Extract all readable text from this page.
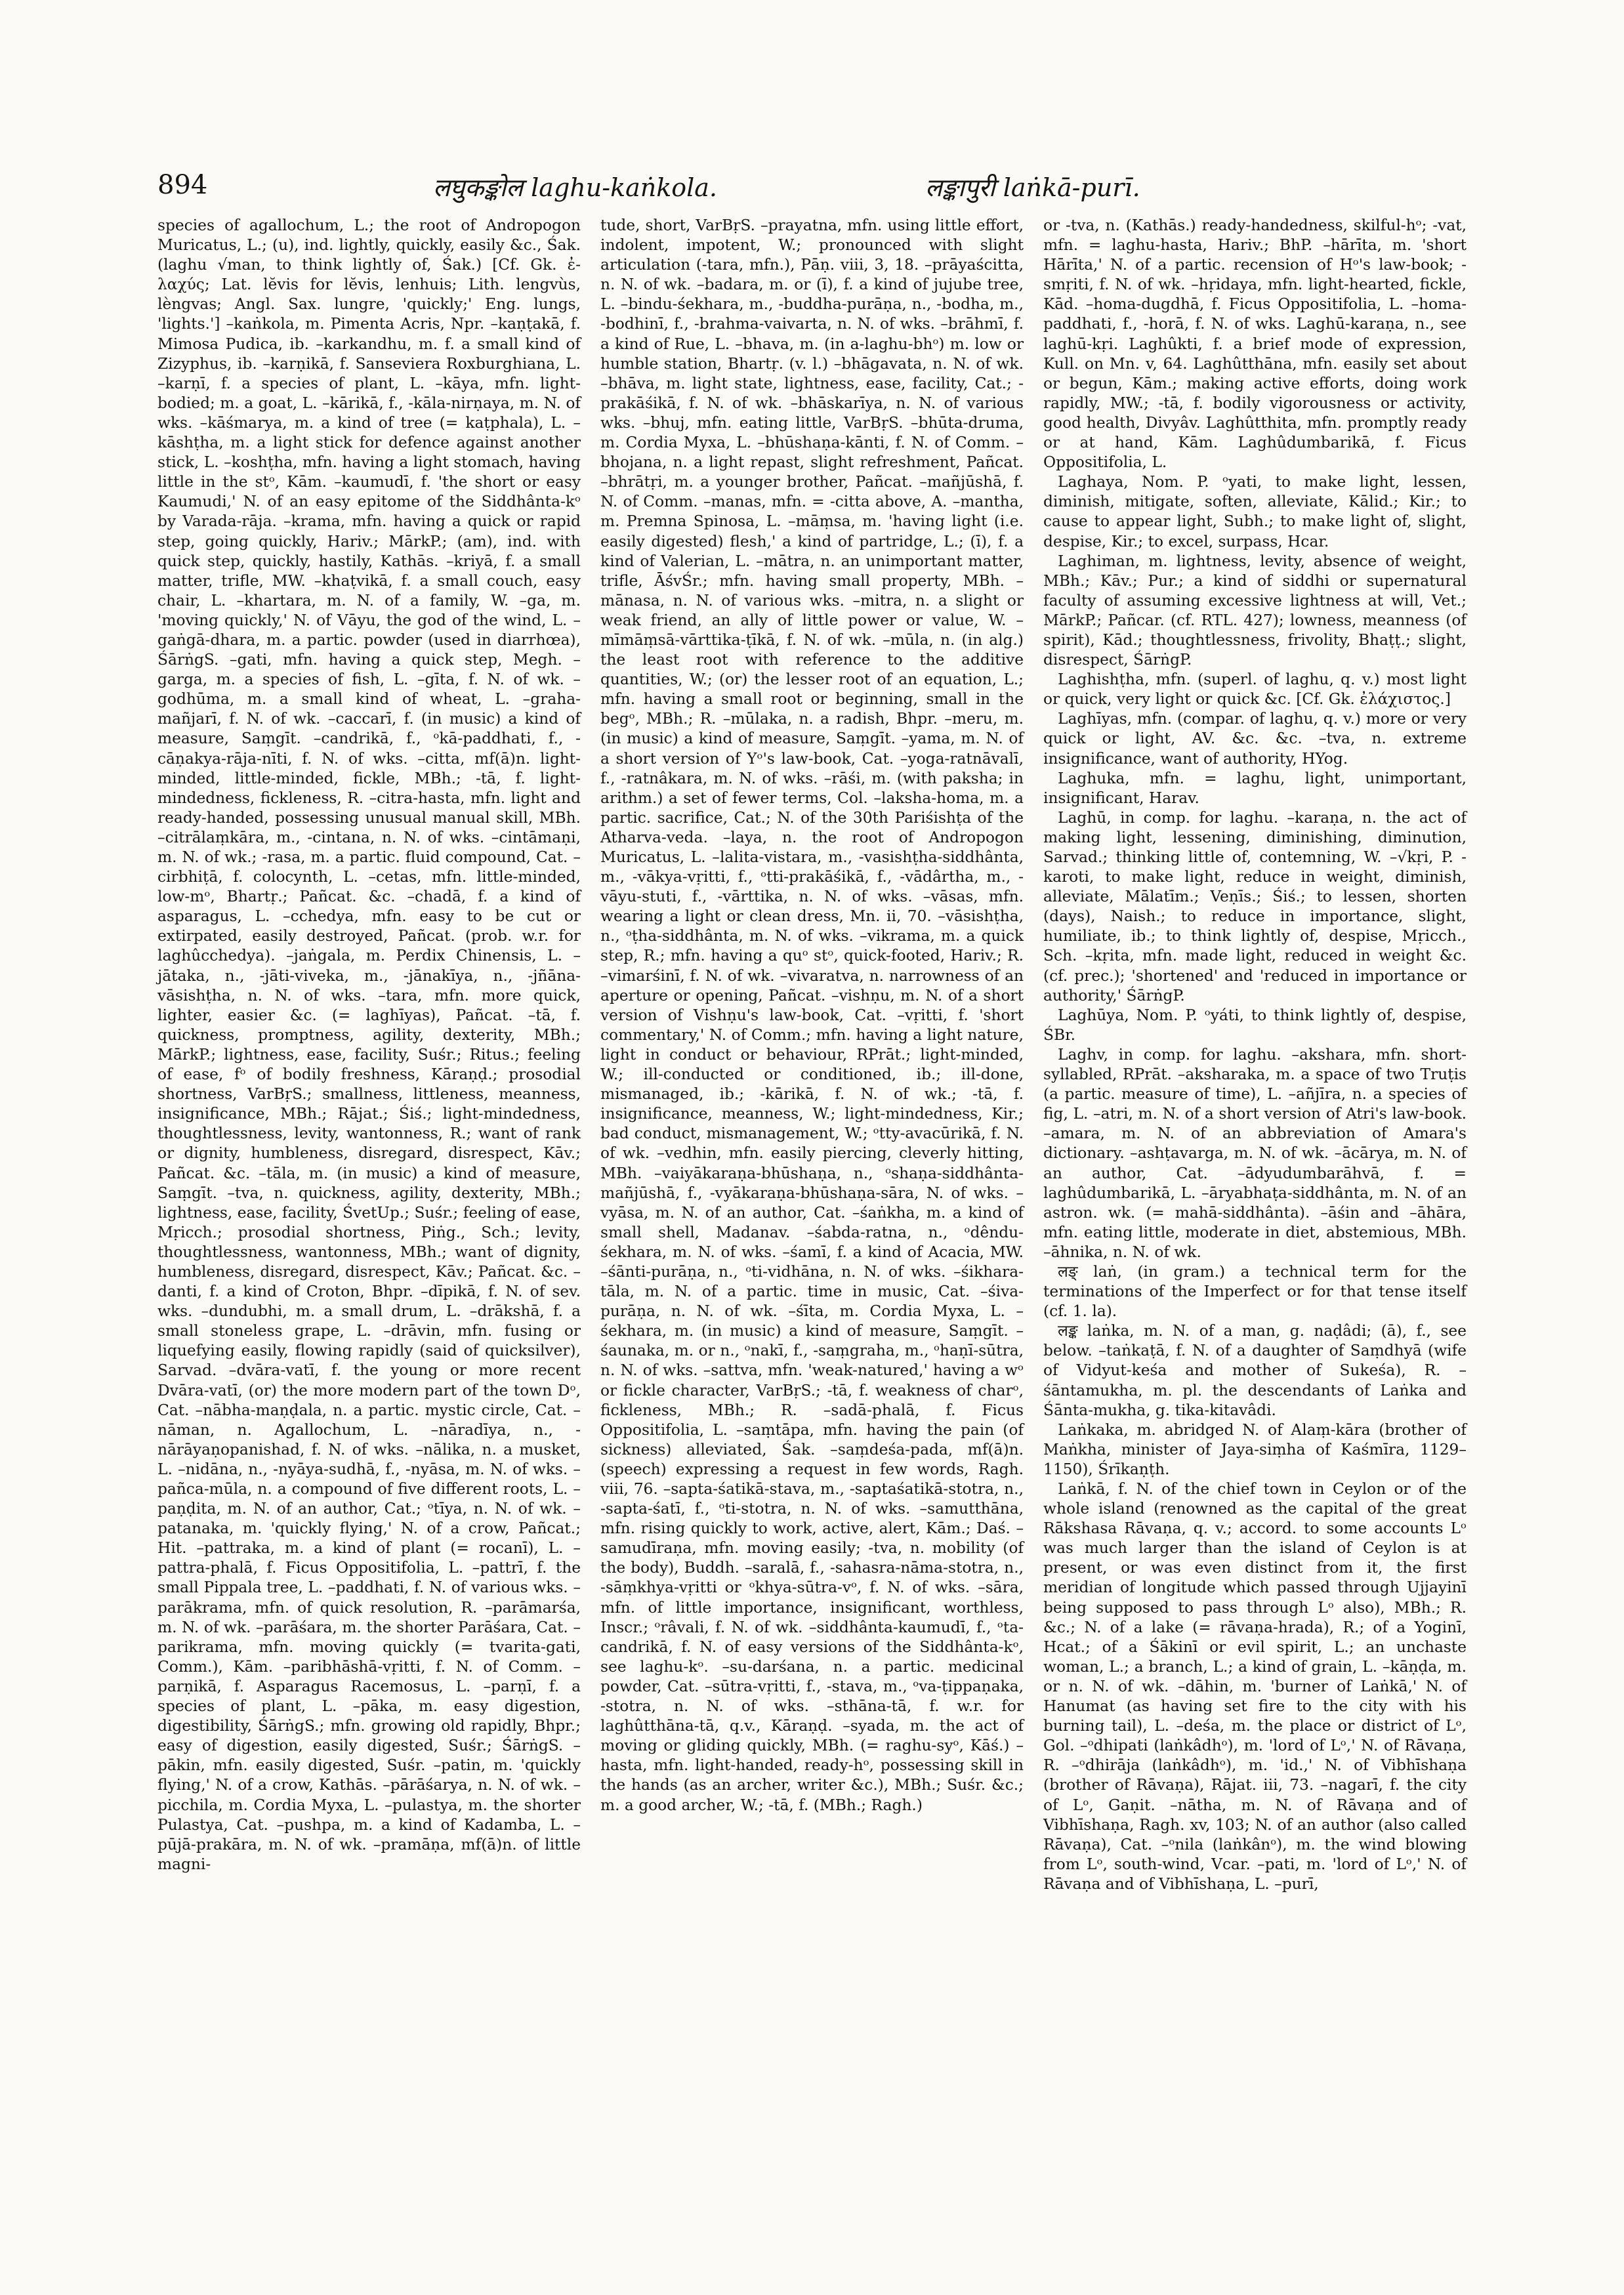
894	लघुकङ्कोल laghu-kaṅkola.	लङ्कापुरी laṅkā-purī.

species of agallochum, L.; the root of Andropogon Muricatus, L.; (u), ind. lightly, quickly, easily &c., Śak. (laghu √man, to think lightly of, Śak.) [Cf. Gk. ἐ-λαχύς; Lat. lĕvis for lĕvis, lenhuis; Lith. lengvùs, lèngvas; Angl. Sax. lungre, 'quickly;' Eng. lungs, 'lights.'] –kaṅkola, m. Pimenta Acris, Npr. –kaṇṭakā, f. Mimosa Pudica, ib. –karkandhu, m. f. a small kind of Zizyphus, ib. –karṇikā, f. Sanseviera Roxburghiana, L. –karṇī, f. a species of plant, L. –kāya, mfn. light-bodied; m. a goat, L. –kārikā, f., -kāla-nirṇaya, m. N. of wks. –kāśmarya, m. a kind of tree (= kaṭphala), L. –kāshṭha, m. a light stick for defence against another stick, L. –koshṭha, mfn. having a light stomach, having little in the stᵒ, Kām. –kaumudī, f. 'the short or easy Kaumudi,' N. of an easy epitome of the Siddhânta-kᵒ by Varada-rāja. –krama, mfn. having a quick or rapid step, going quickly, Hariv.; MārkP.; (am), ind. with quick step, quickly, hastily, Kathās. –kriyā, f. a small matter, trifle, MW. –khaṭvikā, f. a small couch, easy chair, L. –khartara, m. N. of a family, W. –ga, m. 'moving quickly,' N. of Vāyu, the god of the wind, L. –gaṅgā-dhara, m. a partic. powder (used in diarrhœa), ŚārṅgS. –gati, mfn. having a quick step, Megh. –garga, m. a species of fish, L. –gīta, f. N. of wk. –godhūma, m. a small kind of wheat, L. –graha-mañjarī, f. N. of wk. –caccarī, f. (in music) a kind of measure, Saṃgīt. –candrikā, f., ᵒkā-paddhati, f., -cāṇakya-rāja-nīti, f. N. of wks. –citta, mf(ā)n. light-minded, little-minded, fickle, MBh.; -tā, f. light-mindedness, fickleness, R. –citra-hasta, mfn. light and ready-handed, possessing unusual manual skill, MBh. –citrālaṃkāra, m., -cintana, n. N. of wks. –cintāmaṇi, m. N. of wk.; -rasa, m. a partic. fluid compound, Cat. –cirbhiṭā, f. colocynth, L. –cetas, mfn. little-minded, low-mᵒ, Bhartṛ.; Pañcat. &c. –chadā, f. a kind of asparagus, L. –cchedya, mfn. easy to be cut or extirpated, easily destroyed, Pañcat. (prob. w.r. for laghûcchedya). –jaṅgala, m. Perdix Chinensis, L. –jātaka, n., -jāti-viveka, m., -jānakīya, n., -jñāna-vāsishṭha, n. N. of wks. –tara, mfn. more quick, lighter, easier &c. (= laghīyas), Pañcat. –tā, f. quickness, promptness, agility, dexterity, MBh.; MārkP.; lightness, ease, facility, Suśr.; Ritus.; feeling of ease, fᵒ of bodily freshness, Kāraṇḍ.; prosodial shortness, VarBṛS.; smallness, littleness, meanness, insignificance, MBh.; Rājat.; Śiś.; light-mindedness, thoughtlessness, levity, wantonness, R.; want of rank or dignity, humbleness, disregard, disrespect, Kāv.; Pañcat. &c. –tāla, m. (in music) a kind of measure, Saṃgīt. –tva, n. quickness, agility, dexterity, MBh.; lightness, ease, facility, ŚvetUp.; Suśr.; feeling of ease, Mṛicch.; prosodial shortness, Piṅg., Sch.; levity, thoughtlessness, wantonness, MBh.; want of dignity, humbleness, disregard, disrespect, Kāv.; Pañcat. &c. –danti, f. a kind of Croton, Bhpr. –dīpikā, f. N. of sev. wks. –dundubhi, m. a small drum, L. –drākshā, f. a small stoneless grape, L. –drāvin, mfn. fusing or liquefying easily, flowing rapidly (said of quicksilver), Sarvad. –dvāra-vatī, f. the young or more recent Dvāra-vatī, (or) the more modern part of the town Dᵒ, Cat. –nābha-maṇḍala, n. a partic. mystic circle, Cat. –nāman, n. Agallochum, L. –nāradīya, n., -nārāyaṇopanishad, f. N. of wks. –nālika, n. a musket, L. –nidāna, n., -nyāya-sudhā, f., -nyāsa, m. N. of wks. –pañca-mūla, n. a compound of five different roots, L. –paṇḍita, m. N. of an author, Cat.; ᵒtīya, n. N. of wk. –patanaka, m. 'quickly flying,' N. of a crow, Pañcat.; Hit. –pattraka, m. a kind of plant (= rocanī), L. –pattra-phalā, f. Ficus Oppositifolia, L. –pattrī, f. the small Pippala tree, L. –paddhati, f. N. of various wks. –parākrama, mfn. of quick resolution, R. –parāmarśa, m. N. of wk. –parāśara, m. the shorter Parāśara, Cat. –parikrama, mfn. moving quickly (= tvarita-gati, Comm.), Kām. –paribhāshā-vṛitti, f. N. of Comm. –parṇikā, f. Asparagus Racemosus, L. –parṇī, f. a species of plant, L. –pāka, m. easy digestion, digestibility, ŚārṅgS.; mfn. growing old rapidly, Bhpr.; easy of digestion, easily digested, Suśr.; ŚārṅgS. –pākin, mfn. easily digested, Suśr. –patin, m. 'quickly flying,' N. of a crow, Kathās. –pārāśarya, n. N. of wk. –picchila, m. Cordia Myxa, L. –pulastya, m. the shorter Pulastya, Cat. –pushpa, m. a kind of Kadamba, L. –pūjā-prakāra, m. N. of wk. –pramāṇa, mf(ā)n. of little magni-

tude, short, VarBṛS. –prayatna, mfn. using little effort, indolent, impotent, W.; pronounced with slight articulation (-tara, mfn.), Pāṇ. viii, 3, 18. –prāyaścitta, n. N. of wk. –badara, m. or (ī), f. a kind of jujube tree, L. –bindu-śekhara, m., -buddha-purāṇa, n., -bodha, m., -bodhinī, f., -brahma-vaivarta, n. N. of wks. –brāhmī, f. a kind of Rue, L. –bhava, m. (in a-laghu-bhᵒ) m. low or humble station, Bhartṛ. (v. l.) –bhāgavata, n. N. of wk. –bhāva, m. light state, lightness, ease, facility, Cat.; -prakāśikā, f. N. of wk. –bhāskarīya, n. N. of various wks. –bhuj, mfn. eating little, VarBṛS. –bhūta-druma, m. Cordia Myxa, L. –bhūshaṇa-kānti, f. N. of Comm. –bhojana, n. a light repast, slight refreshment, Pañcat. –bhrātṛi, m. a younger brother, Pañcat. –mañjūshā, f. N. of Comm. –manas, mfn. = -citta above, A. –mantha, m. Premna Spinosa, L. –māṃsa, m. 'having light (i.e. easily digested) flesh,' a kind of partridge, L.; (ī), f. a kind of Valerian, L. –mātra, n. an unimportant matter, trifle, ĀśvŚr.; mfn. having small property, MBh. –mānasa, n. N. of various wks. –mitra, n. a slight or weak friend, an ally of little power or value, W. –mīmāṃsā-vārttika-ṭīkā, f. N. of wk. –mūla, n. (in alg.) the least root with reference to the additive quantities, W.; (or) the lesser root of an equation, L.; mfn. having a small root or beginning, small in the begᵒ, MBh.; R. –mūlaka, n. a radish, Bhpr. –meru, m. (in music) a kind of measure, Saṃgīt. –yama, m. N. of a short version of Yᵒ's law-book, Cat. –yoga-ratnāvalī, f., -ratnâkara, m. N. of wks. –rāśi, m. (with paksha; in arithm.) a set of fewer terms, Col. –laksha-homa, m. a partic. sacrifice, Cat.; N. of the 30th Pariśishṭa of the Atharva-veda. –laya, n. the root of Andropogon Muricatus, L. –lalita-vistara, m., -vasishṭha-siddhânta, m., -vākya-vṛitti, f., ᵒtti-prakāśikā, f., -vādârtha, m., -vāyu-stuti, f., -vārttika, n. N. of wks. –vāsas, mfn. wearing a light or clean dress, Mn. ii, 70. –vāsishṭha, n., ᵒṭha-siddhânta, m. N. of wks. –vikrama, m. a quick step, R.; mfn. having a quᵒ stᵒ, quick-footed, Hariv.; R. –vimarśinī, f. N. of wk. –vivaratva, n. narrowness of an aperture or opening, Pañcat. –vishṇu, m. N. of a short version of Vishṇu's law-book, Cat. –vṛitti, f. 'short commentary,' N. of Comm.; mfn. having a light nature, light in conduct or behaviour, RPrāt.; light-minded, W.; ill-conducted or conditioned, ib.; ill-done, mismanaged, ib.; -kārikā, f. N. of wk.; -tā, f. insignificance, meanness, W.; light-mindedness, Kir.; bad conduct, mismanagement, W.; ᵒtty-avacūrikā, f. N. of wk. –vedhin, mfn. easily piercing, cleverly hitting, MBh. –vaiyākaraṇa-bhūshaṇa, n., ᵒshaṇa-siddhânta-mañjūshā, f., -vyākaraṇa-bhūshaṇa-sāra, N. of wks. –vyāsa, m. N. of an author, Cat. –śaṅkha, m. a kind of small shell, Madanav. –śabda-ratna, n., ᵒdêndu-śekhara, m. N. of wks. –śamī, f. a kind of Acacia, MW. –śānti-purāṇa, n., ᵒti-vidhāna, n. N. of wks. –śikhara-tāla, m. N. of a partic. time in music, Cat. –śiva-purāṇa, n. N. of wk. –śīta, m. Cordia Myxa, L. –śekhara, m. (in music) a kind of measure, Saṃgīt. –śaunaka, m. or n., ᵒnakī, f., -saṃgraha, m., ᵒhaṇī-sūtra, n. N. of wks. –sattva, mfn. 'weak-natured,' having a wᵒ or fickle character, VarBṛS.; -tā, f. weakness of charᵒ, fickleness, MBh.; R. –sadā-phalā, f. Ficus Oppositifolia, L. –saṃtāpa, mfn. having the pain (of sickness) alleviated, Śak. –saṃdeśa-pada, mf(ā)n. (speech) expressing a request in few words, Ragh. viii, 76. –sapta-śatikā-stava, m., -saptaśatikā-stotra, n., -sapta-śatī, f., ᵒti-stotra, n. N. of wks. –samutthāna, mfn. rising quickly to work, active, alert, Kām.; Daś. –samudīraṇa, mfn. moving easily; -tva, n. mobility (of the body), Buddh. –saralā, f., -sahasra-nāma-stotra, n., -sāṃkhya-vṛitti or ᵒkhya-sūtra-vᵒ, f. N. of wks. –sāra, mfn. of little importance, insignificant, worthless, Inscr.; ᵒrâvali, f. N. of wk. –siddhânta-kaumudī, f., ᵒta-candrikā, f. N. of easy versions of the Siddhânta-kᵒ, see laghu-kᵒ. –su-darśana, n. a partic. medicinal powder, Cat. –sūtra-vṛitti, f., -stava, m., ᵒva-ṭippaṇaka, -stotra, n. N. of wks. –sthāna-tā, f. w.r. for laghûtthāna-tā, q.v., Kāraṇḍ. –syada, m. the act of moving or gliding quickly, MBh. (= raghu-syᵒ, Kāś.) –hasta, mfn. light-handed, ready-hᵒ, possessing skill in the hands (as an archer, writer &c.), MBh.; Suśr. &c.; m. a good archer, W.; -tā, f. (MBh.; Ragh.)

or -tva, n. (Kathās.) ready-handedness, skilful-hᵒ; -vat, mfn. = laghu-hasta, Hariv.; BhP. –hārīta, m. 'short Hārīta,' N. of a partic. recension of Hᵒ's law-book; -smṛiti, f. N. of wk. –hṛidaya, mfn. light-hearted, fickle, Kād. –homa-dugdhā, f. Ficus Oppositifolia, L. –homa-paddhati, f., -horā, f. N. of wks. Laghū-karaṇa, n., see laghū-kṛi. Laghûkti, f. a brief mode of expression, Kull. on Mn. v, 64. Laghûtthāna, mfn. easily set about or begun, Kām.; making active efforts, doing work rapidly, MW.; -tā, f. bodily vigorousness or activity, good health, Divyâv. Laghûtthita, mfn. promptly ready or at hand, Kām. Laghûdumbarikā, f. Ficus Oppositifolia, L.

Laghaya, Nom. P. ᵒyati, to make light, lessen, diminish, mitigate, soften, alleviate, Kālid.; Kir.; to cause to appear light, Subh.; to make light of, slight, despise, Kir.; to excel, surpass, Hcar.

Laghiman, m. lightness, levity, absence of weight, MBh.; Kāv.; Pur.; a kind of siddhi or supernatural faculty of assuming excessive lightness at will, Vet.; MārkP.; Pañcar. (cf. RTL. 427); lowness, meanness (of spirit), Kād.; thoughtlessness, frivolity, Bhaṭṭ.; slight, disrespect, ŚārṅgP.

Laghishṭha, mfn. (superl. of laghu, q. v.) most light or quick, very light or quick &c. [Cf. Gk. ἐλάχιστος.]

Laghīyas, mfn. (compar. of laghu, q. v.) more or very quick or light, AV. &c. &c. –tva, n. extreme insignificance, want of authority, HYog.

Laghuka, mfn. = laghu, light, unimportant, insignificant, Harav.

Laghū, in comp. for laghu. –karaṇa, n. the act of making light, lessening, diminishing, diminution, Sarvad.; thinking little of, contemning, W. –√kṛi, P. -karoti, to make light, reduce in weight, diminish, alleviate, Mālatīm.; Veṇīs.; Śiś.; to lessen, shorten (days), Naish.; to reduce in importance, slight, humiliate, ib.; to think lightly of, despise, Mṛicch., Sch. –kṛita, mfn. made light, reduced in weight &c. (cf. prec.); 'shortened' and 'reduced in importance or authority,' ŚārṅgP.

Laghūya, Nom. P. ᵒyáti, to think lightly of, despise, ŚBr.

Laghv, in comp. for laghu. –akshara, mfn. short-syllabled, RPrāt. –aksharaka, m. a space of two Truṭis (a partic. measure of time), L. –añjīra, n. a species of fig, L. –atri, m. N. of a short version of Atri's law-book. –amara, m. N. of an abbreviation of Amara's dictionary. –ashṭavarga, m. N. of wk. –ācārya, m. N. of an author, Cat. –ādyudumbarāhvā, f. = laghûdumbarikā, L. –āryabhaṭa-siddhânta, m. N. of an astron. wk. (= mahā-siddhânta). –āśin and –āhāra, mfn. eating little, moderate in diet, abstemious, MBh. –āhnika, n. N. of wk.

लङ् laṅ, (in gram.) a technical term for the terminations of the Imperfect or for that tense itself (cf. 1. la).

लङ्क laṅka, m. N. of a man, g. naḍâdi; (ā), f., see below. –taṅkaṭā, f. N. of a daughter of Saṃdhyā (wife of Vidyut-keśa and mother of Sukeśa), R. –śāntamukha, m. pl. the descendants of Laṅka and Śānta-mukha, g. tika-kitavâdi.

Laṅkaka, m. abridged N. of Alaṃ-kāra (brother of Maṅkha, minister of Jaya-siṃha of Kaśmīra, 1129–1150), Śrīkaṇṭh.

Laṅkā, f. N. of the chief town in Ceylon or of the whole island (renowned as the capital of the great Rākshasa Rāvaṇa, q. v.; accord. to some accounts Lᵒ was much larger than the island of Ceylon is at present, or was even distinct from it, the first meridian of longitude which passed through Ujjayinī being supposed to pass through Lᵒ also), MBh.; R. &c.; N. of a lake (= rāvaṇa-hrada), R.; of a Yoginī, Hcat.; of a Śākinī or evil spirit, L.; an unchaste woman, L.; a branch, L.; a kind of grain, L. –kāṇḍa, m. or n. N. of wk. –dāhin, m. 'burner of Laṅkā,' N. of Hanumat (as having set fire to the city with his burning tail), L. –deśa, m. the place or district of Lᵒ, Gol. –ᵒdhipati (laṅkâdhᵒ), m. 'lord of Lᵒ,' N. of Rāvaṇa, R. –ᵒdhirāja (laṅkâdhᵒ), m. 'id.,' N. of Vibhīshaṇa (brother of Rāvaṇa), Rājat. iii, 73. –nagarī, f. the city of Lᵒ, Gaṇit. –nātha, m. N. of Rāvaṇa and of Vibhīshaṇa, Ragh. xv, 103; N. of an author (also called Rāvaṇa), Cat. –ᵒnila (laṅkânᵒ), m. the wind blowing from Lᵒ, south-wind, Vcar. –pati, m. 'lord of Lᵒ,' N. of Rāvaṇa and of Vibhīshaṇa, L. –purī,
